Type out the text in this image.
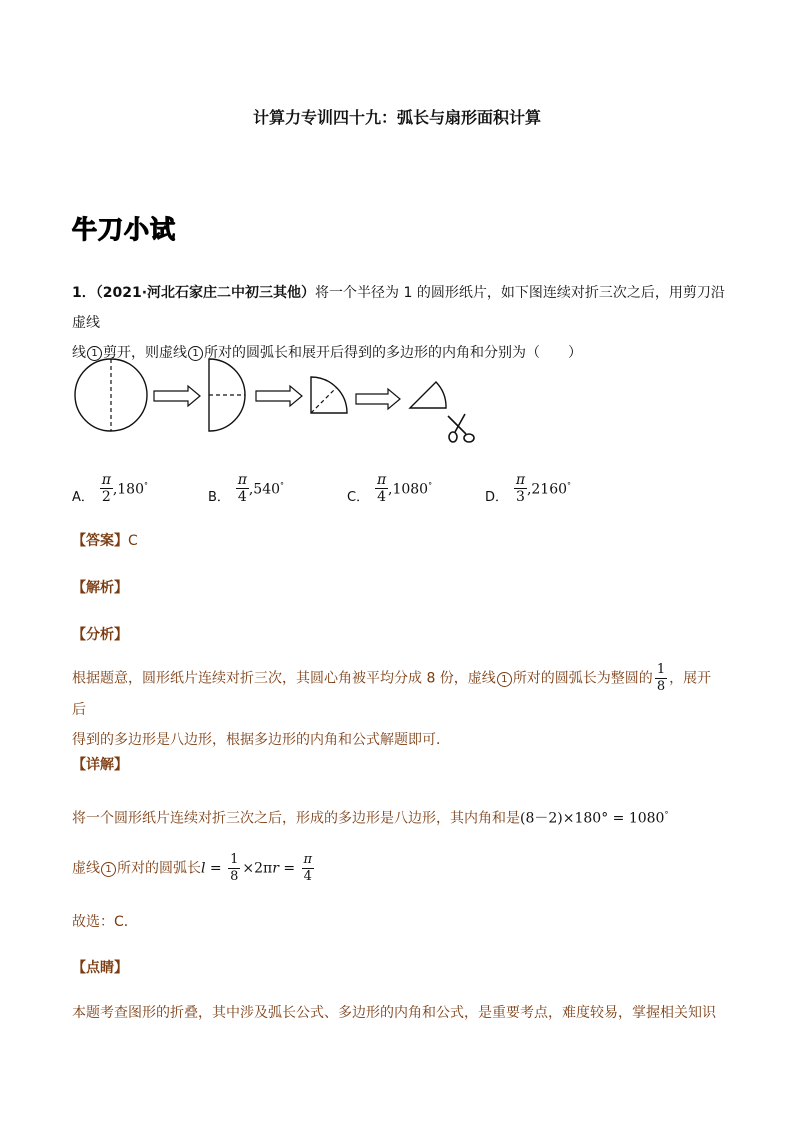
计算力专训四十九：弧长与扇形面积计算
牛刀小试
1．（2021·河北石家庄二中初三其他）将一个半径为 1 的圆形纸片，如下图连续对折三次之后，用剪刀沿虚线
线 1 剪开，则虚线 1 所对的圆弧长和展开后得到的多边形的内角和分别为（　　）
A． $\frac{\pi}{2} ,180^\circ$
B． $\frac{\pi}{4} ,540^\circ$
C． $\frac{\pi}{4} ,1080^\circ$
D． $\frac{\pi}{3} ,2160^\circ$
【答案】C
【解析】
【分析】
根据题意，圆形纸片连续对折三次，其圆心角被平均分成 8 份，虚线 1 所对的圆弧长为整圆的 $\frac{1}{8}$ ，展开后
得到的多边形是八边形，根据多边形的内角和公式解题即可．
【详解】
将一个圆形纸片连续对折三次之后，形成的多边形是八边形，其内角和是(8－2)×180° = 1080°
虚线 1 所对的圆弧长$l = \frac{1}{8} \times 2\pi r = \frac{\pi}{4}$
故选：C．
【点睛】
本题考查图形的折叠，其中涉及弧长公式、多边形的内角和公式，是重要考点，难度较易，掌握相关知识
